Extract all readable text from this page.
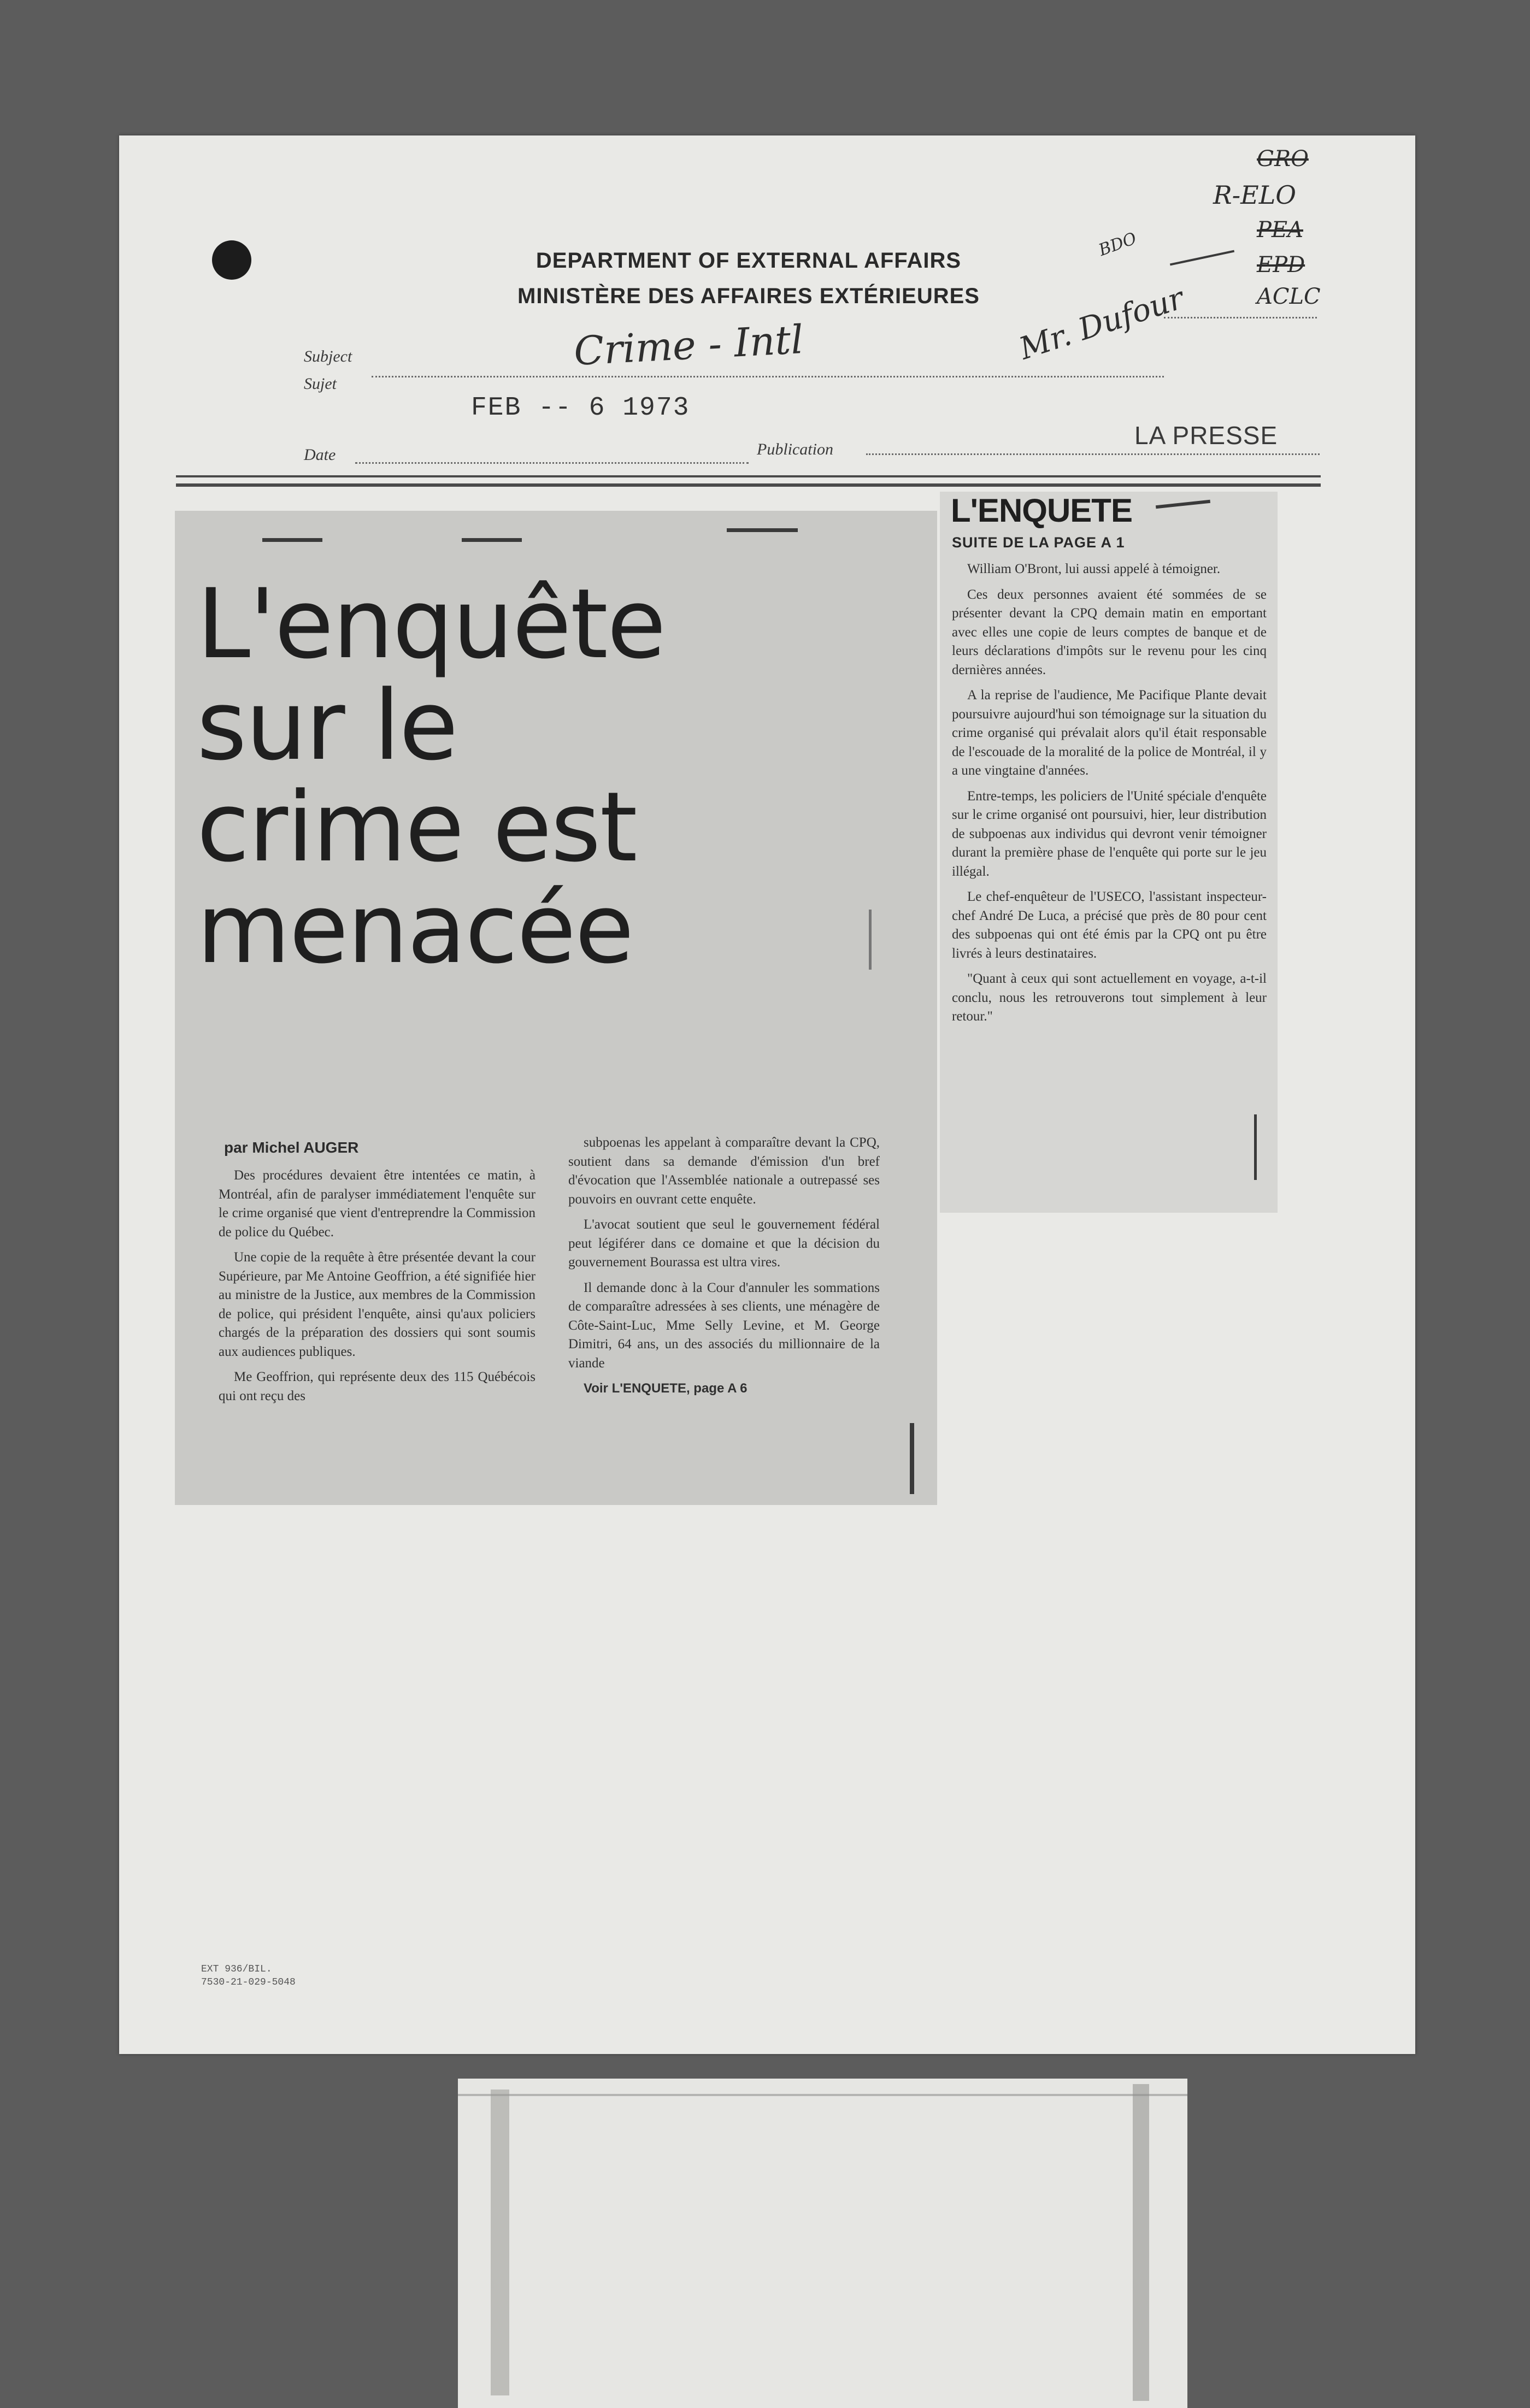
DEPARTMENT OF EXTERNAL AFFAIRS
MINISTÈRE DES AFFAIRES EXTÉRIEURES
Subject
Sujet
Crime - Intl	Mr. Dufour
BDO
GRO
R-ELO
PEA
EPD
ACLC
FEB -- 6 1973
Date	Publication	LA PRESSE
L'enquête
sur le
crime est
menacée
par Michel AUGER

Des procédures devaient être intentées ce matin, à Montréal, afin de paralyser immédiatement l'enquête sur le crime organisé que vient d'entreprendre la Commission de police du Québec.

Une copie de la requête à être présentée devant la cour Supérieure, par Me Antoine Geoffrion, a été signifiée hier au ministre de la Justice, aux membres de la Commission de police, qui président l'enquête, ainsi qu'aux policiers chargés de la préparation des dossiers qui sont soumis aux audiences publiques.

Me Geoffrion, qui représente deux des 115 Québécois qui ont reçu des

subpoenas les appelant à comparaître devant la CPQ, soutient dans sa demande d'émission d'un bref d'évocation que l'Assemblée nationale a outrepassé ses pouvoirs en ouvrant cette enquête.

L'avocat soutient que seul le gouvernement fédéral peut légiférer dans ce domaine et que la décision du gouvernement Bourassa est ultra vires.

Il demande donc à la Cour d'annuler les sommations de comparaître adressées à ses clients, une ménagère de Côte-Saint-Luc, Mme Selly Levine, et M. George Dimitri, 64 ans, un des associés du millionnaire de la viande

Voir L'ENQUETE, page A 6
L'ENQUETE
SUITE DE LA PAGE A 1

William O'Bront, lui aussi appelé à témoigner.

Ces deux personnes avaient été sommées de se présenter devant la CPQ demain matin en emportant avec elles une copie de leurs comptes de banque et de leurs déclarations d'impôts sur le revenu pour les cinq dernières années.

A la reprise de l'audience, Me Pacifique Plante devait poursuivre aujourd'hui son témoignage sur la situation du crime organisé qui prévalait alors qu'il était responsable de l'escouade de la moralité de la police de Montréal, il y a une vingtaine d'années.

Entre-temps, les policiers de l'Unité spéciale d'enquête sur le crime organisé ont poursuivi, hier, leur distribution de subpoenas aux individus qui devront venir témoigner durant la première phase de l'enquête qui porte sur le jeu illégal.

Le chef-enquêteur de l'USECO, l'assistant inspecteur-chef André De Luca, a précisé que près de 80 pour cent des subpoenas qui ont été émis par la CPQ ont pu être livrés à leurs destinataires.

"Quant à ceux qui sont actuellement en voyage, a-t-il conclu, nous les retrouverons tout simplement à leur retour."

EXT 936/BIL.
7530-21-029-5048
